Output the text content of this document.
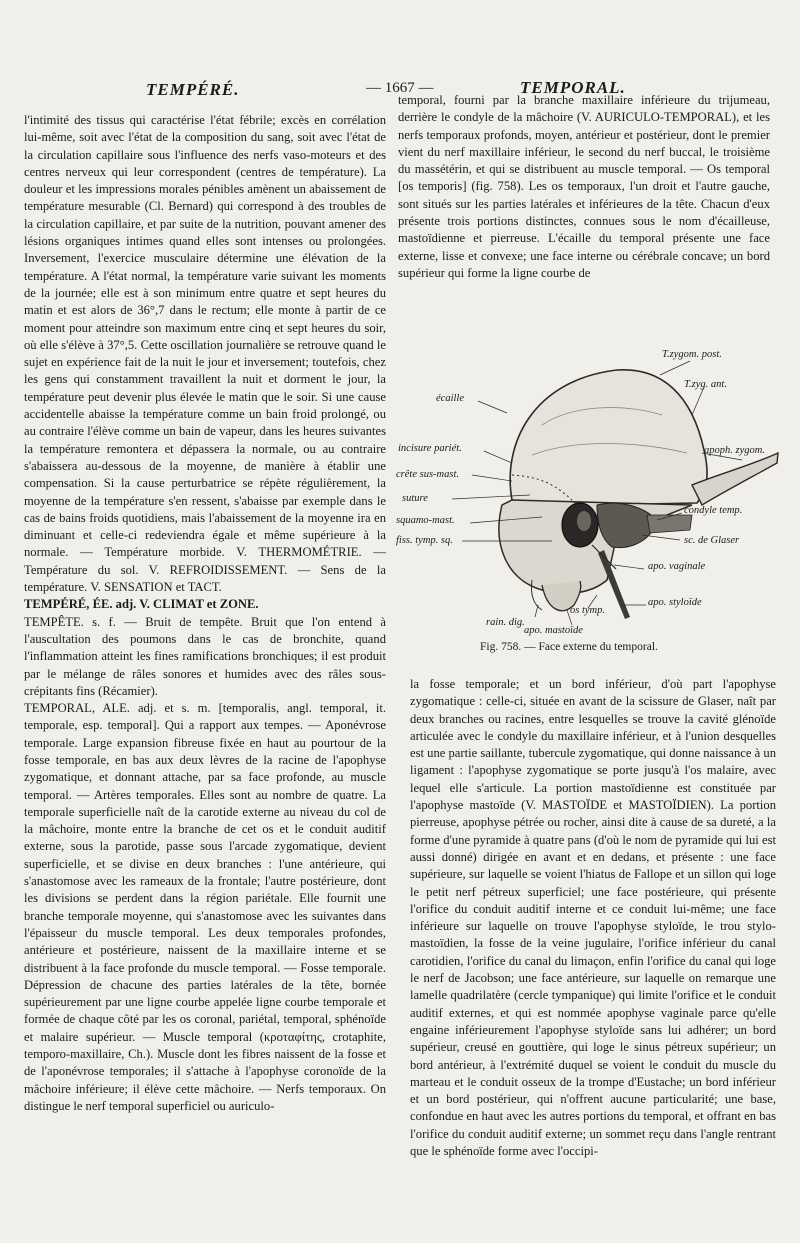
TEMPÉRÉ.	— 1667 —	TEMPORAL.

l'intimité des tissus qui caractérise l'état fébrile; excès en corrélation lui-même, soit avec l'état de la composition du sang, soit avec l'état de la circulation capillaire sous l'influence des nerfs vaso-moteurs et des centres nerveux qui leur correspondent (centres de température). La douleur et les impressions morales pénibles amènent un abaissement de température mesurable (Cl. Bernard) qui correspond à des troubles de la circulation capillaire, et par suite de la nutrition, pouvant amener des lésions organiques intimes quand elles sont intenses ou prolongées. Inversement, l'exercice musculaire détermine une élévation de la température. A l'état normal, la température varie suivant les moments de la journée; elle est à son minimum entre quatre et sept heures du matin et est alors de 36°,7 dans le rectum; elle monte à partir de ce moment pour atteindre son maximum entre cinq et sept heures du soir, où elle s'élève à 37°,5. Cette oscillation journalière se retrouve quand le sujet en expérience fait de la nuit le jour et inversement; toutefois, chez les gens qui constamment travaillent la nuit et dorment le jour, la température peut devenir plus élevée le matin que le soir. Si une cause accidentelle abaisse la température comme un bain froid prolongé, ou au contraire l'élève comme un bain de vapeur, dans les heures suivantes la température remontera et dépassera la normale, ou au contraire s'abaissera au-dessous de la moyenne, de manière à établir une compensation. Si la cause perturbatrice se répète régulièrement, la moyenne de la température s'en ressent, s'abaisse par exemple dans le cas de bains froids quotidiens, mais l'abaissement de la moyenne ira en diminuant et celle-ci redeviendra égale et même supérieure à la normale. — Température morbide. V. THERMOMÉTRIE. — Température du sol. V. REFROIDISSEMENT. — Sens de la température. V. SENSATION et TACT.

TEMPÉRÉ, ÉE. adj. V. CLIMAT et ZONE.

TEMPÊTE. s. f. — Bruit de tempête. Bruit que l'on entend à l'auscultation des poumons dans le cas de bronchite, quand l'inflammation atteint les fines ramifications bronchiques; il est produit par le mélange de râles sonores et humides avec des râles sous-crépitants fins (Récamier).

TEMPORAL, ALE. adj. et s. m. [temporalis, angl. temporal, it. temporale, esp. temporal]. Qui a rapport aux tempes. — Aponévrose temporale. Large expansion fibreuse fixée en haut au pourtour de la fosse temporale, en bas aux deux lèvres de la racine de l'apophyse zygomatique, et donnant attache, par sa face profonde, au muscle temporal. — Artères temporales. Elles sont au nombre de quatre. La temporale superficielle naît de la carotide externe au niveau du col de la mâchoire, monte entre la branche de cet os et le conduit auditif externe, sous la parotide, passe sous l'arcade zygomatique, devient superficielle, et se divise en deux branches : l'une antérieure, qui s'anastomose avec les rameaux de la frontale; l'autre postérieure, dont les divisions se perdent dans la région pariétale. Elle fournit une branche temporale moyenne, qui s'anastomose avec les suivantes dans l'épaisseur du muscle temporal. Les deux temporales profondes, antérieure et postérieure, naissent de la maxillaire interne et se distribuent à la face profonde du muscle temporal. — Fosse temporale. Dépression de chacune des parties latérales de la tête, bornée supérieurement par une ligne courbe appelée ligne courbe temporale et formée de chaque côté par les os coronal, pariétal, temporal, sphénoïde et malaire supérieur. — Muscle temporal (κροταφίτης, crotaphite, temporo-maxillaire, Ch.). Muscle dont les fibres naissent de la fosse et de l'aponévrose temporales; il s'attache à l'apophyse coronoïde de la mâchoire inférieure; il élève cette mâchoire. — Nerfs temporaux. On distingue le nerf temporal superficiel ou auriculo-

temporal, fourni par la branche maxillaire inférieure du trijumeau, derrière le condyle de la mâchoire (V. AURICULO-TEMPORAL), et les nerfs temporaux profonds, moyen, antérieur et postérieur, dont le premier vient du nerf maxillaire inférieur, le second du nerf buccal, le troisième du massétérin, et qui se distribuent au muscle temporal. — Os temporal [os temporis] (fig. 758). Les os temporaux, l'un droit et l'autre gauche, sont situés sur les parties latérales et inférieures de la tête. Chacun d'eux présente trois portions distinctes, connues sous le nom d'écailleuse, mastoïdienne et pierreuse. L'écaille du temporal présente une face externe, lisse et convexe; une face interne ou cérébrale concave; un bord supérieur qui forme la ligne courbe de

T.zygom. post.
T.zyg. ant.
écaille
incisure pariét.
crête sus-mast.
suture
squamo-mast.
fiss. tymp. sq.
apoph. zygom.
condyle temp.
sc. de Glaser
apo. vaginale
apo. styloïde
rain. dig.
os tymp.
apo. mastoïde
Fig. 758. — Face externe du temporal.

la fosse temporale; et un bord inférieur, d'où part l'apophyse zygomatique : celle-ci, située en avant de la scissure de Glaser, naît par deux branches ou racines, entre lesquelles se trouve la cavité glénoïde articulée avec le condyle du maxillaire inférieur, et à l'union desquelles est une partie saillante, tubercule zygomatique, qui donne naissance à un ligament : l'apophyse zygomatique se porte jusqu'à l'os malaire, avec lequel elle s'articule. La portion mastoïdienne est constituée par l'apophyse mastoïde (V. MASTOÏDE et MASTOÏDIEN). La portion pierreuse, apophyse pétrée ou rocher, ainsi dite à cause de sa dureté, a la forme d'une pyramide à quatre pans (d'où le nom de pyramide qui lui est aussi donné) dirigée en avant et en dedans, et présente : une face supérieure, sur laquelle se voient l'hiatus de Fallope et un sillon qui loge le petit nerf pétreux superficiel; une face postérieure, qui présente l'orifice du conduit auditif interne et ce conduit lui-même; une face inférieure sur laquelle on trouve l'apophyse styloïde, le trou stylo-mastoïdien, la fosse de la veine jugulaire, l'orifice inférieur du canal carotidien, l'orifice du canal du limaçon, enfin l'orifice du canal qui loge le nerf de Jacobson; une face antérieure, sur laquelle on remarque une lamelle quadrilatère (cercle tympanique) qui limite l'orifice et le conduit auditif externes, et qui est nommée apophyse vaginale parce qu'elle engaine inférieurement l'apophyse styloïde sans lui adhérer; un bord supérieur, creusé en gouttière, qui loge le sinus pétreux supérieur; un bord antérieur, à l'extrémité duquel se voient le conduit du muscle du marteau et le conduit osseux de la trompe d'Eustache; un bord inférieur et un bord postérieur, qui n'offrent aucune particularité; une base, confondue en haut avec les autres portions du temporal, et offrant en bas l'orifice du conduit auditif externe; un sommet reçu dans l'angle rentrant que le sphénoïde forme avec l'occipi-
